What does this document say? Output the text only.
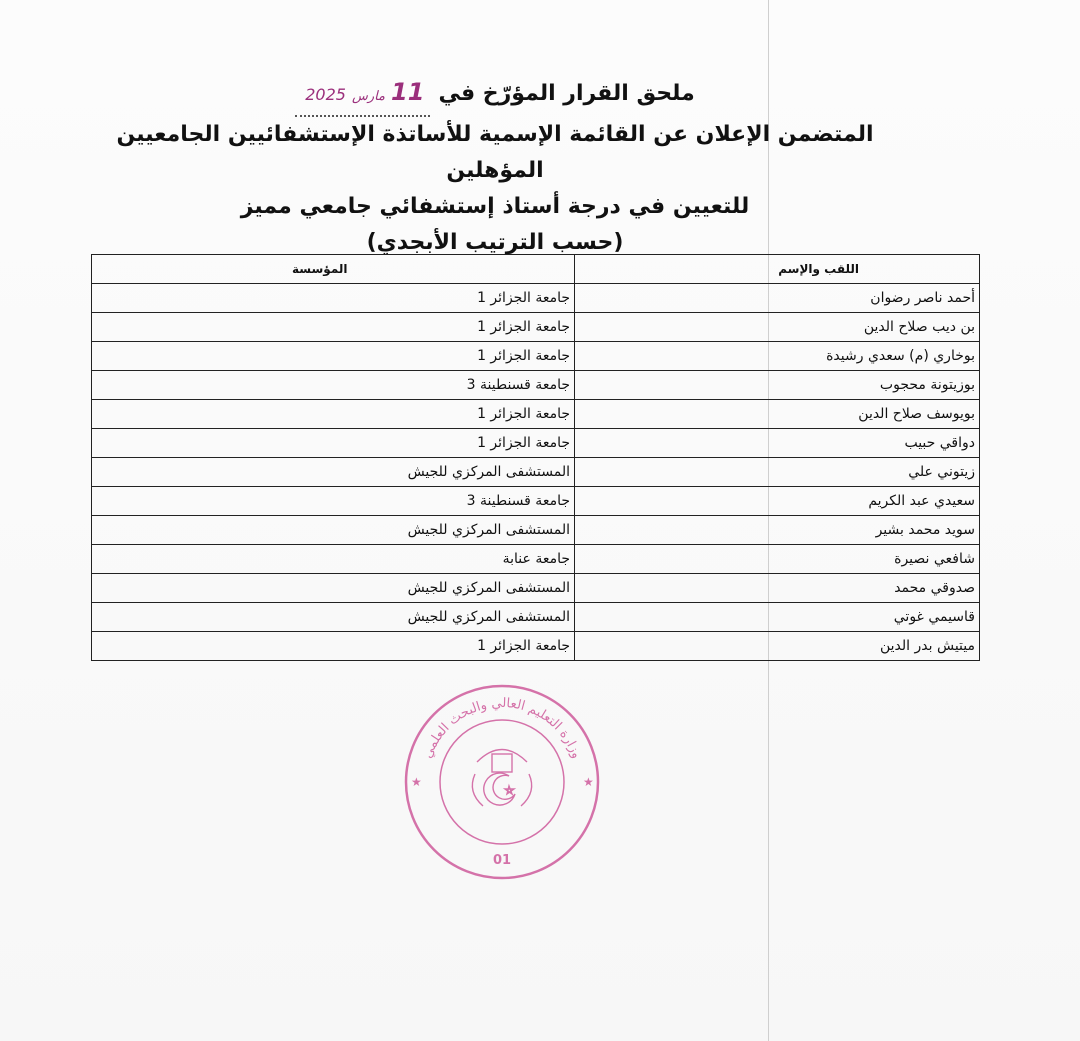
ملحق القرار المؤرّخ في
11
مارس
2025
المتضمن الإعلان عن القائمة الإسمية للأساتذة الإستشفائيين الجامعيين المؤهلين
للتعيين في درجة أستاذ إستشفائي جامعي مميز
(حسب الترتيب الأبجدي)
اللقب والإسم	المؤسسة
أحمد ناصر رضوان	جامعة الجزائر 1
بن ديب صلاح الدين	جامعة الجزائر 1
بوخاري (م) سعدي رشيدة	جامعة الجزائر 1
بوزيتونة محجوب	جامعة قسنطينة 3
بويوسف صلاح الدين	جامعة الجزائر 1
دواقي حبيب	جامعة الجزائر 1
زيتوني علي	المستشفى المركزي للجيش
سعيدي عبد الكريم	جامعة قسنطينة 3
سويد محمد بشير	المستشفى المركزي للجيش
شافعي نصيرة	جامعة عنابة
صدوقي محمد	المستشفى المركزي للجيش
قاسيمي غوتي	المستشفى المركزي للجيش
ميتيش بدر الدين	جامعة الجزائر 1
وزارة التعليم العالي والبحث العلمي
★	★
01
